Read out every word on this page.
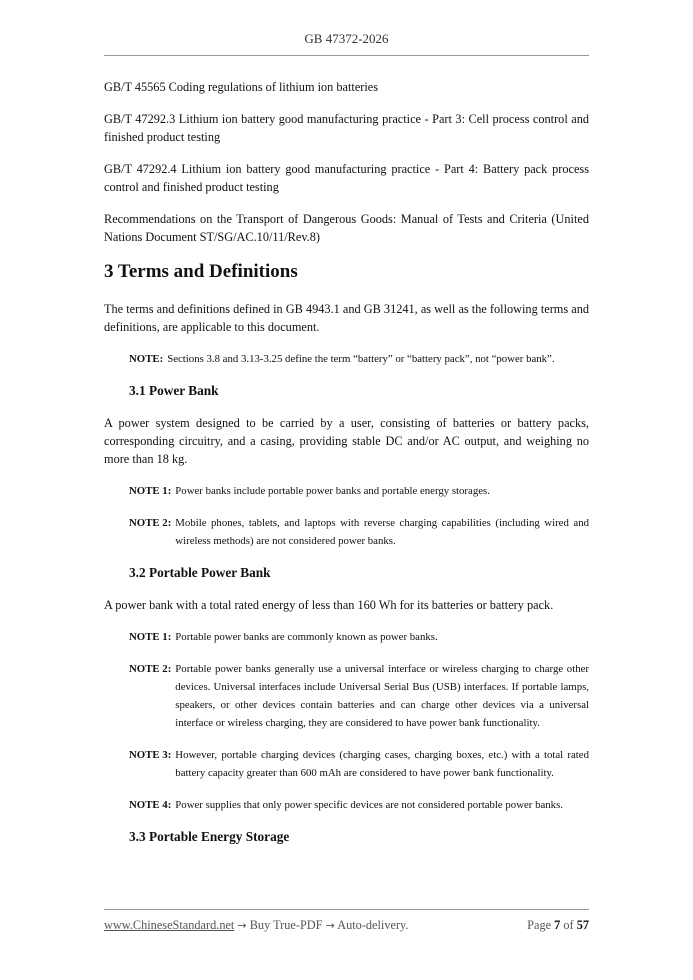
GB 47372-2026

GB/T 45565 Coding regulations of lithium ion batteries

GB/T 47292.3 Lithium ion battery good manufacturing practice - Part 3: Cell process control and finished product testing

GB/T 47292.4 Lithium ion battery good manufacturing practice - Part 4: Battery pack process control and finished product testing

Recommendations on the Transport of Dangerous Goods: Manual of Tests and Criteria (United Nations Document ST/SG/AC.10/11/Rev.8)

3 Terms and Definitions

The terms and definitions defined in GB 4943.1 and GB 31241, as well as the following terms and definitions, are applicable to this document.

NOTE: Sections 3.8 and 3.13-3.25 define the term “battery” or “battery pack”, not “power bank”.
3.1 Power Bank

A power system designed to be carried by a user, consisting of batteries or battery packs, corresponding circuitry, and a casing, providing stable DC and/or AC output, and weighing no more than 18 kg.

NOTE 1: Power banks include portable power banks and portable energy storages.
NOTE 2: Mobile phones, tablets, and laptops with reverse charging capabilities (including wired and wireless methods) are not considered power banks.
3.2 Portable Power Bank

A power bank with a total rated energy of less than 160 Wh for its batteries or battery pack.

NOTE 1: Portable power banks are commonly known as power banks.
NOTE 2: Portable power banks generally use a universal interface or wireless charging to charge other devices. Universal interfaces include Universal Serial Bus (USB) interfaces. If portable lamps, speakers, or other devices contain batteries and can charge other devices via a universal interface or wireless charging, they are considered to have power bank functionality.
NOTE 3: However, portable charging devices (charging cases, charging boxes, etc.) with a total rated battery capacity greater than 600 mAh are considered to have power bank functionality.
NOTE 4: Power supplies that only power specific devices are not considered portable power banks.
3.3 Portable Energy Storage
www.ChineseStandard.net → Buy True-PDF → Auto-delivery.	Page 7 of 57
